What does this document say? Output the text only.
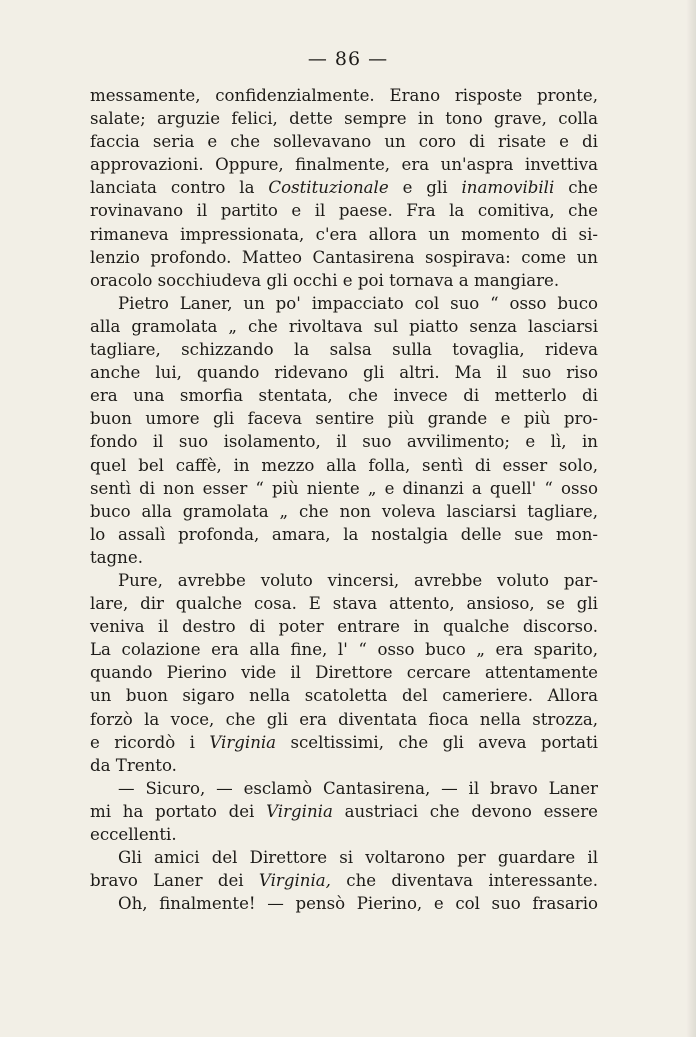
— 86 —
messamente, confidenzialmente. Erano risposte pronte,
salate; arguzie felici, dette sempre in tono grave, colla
faccia seria e che sollevavano un coro di risate e di
approvazioni. Oppure, finalmente, era un'aspra invettiva
lanciata contro la Costituzionale e gli inamovibili che
rovinavano il partito e il paese. Fra la comitiva, che
rimaneva impressionata, c'era allora un momento di si-
lenzio profondo. Matteo Cantasirena sospirava: come un
oracolo socchiudeva gli occhi e poi tornava a mangiare.
Pietro Laner, un po' impacciato col suo “ osso buco
alla gramolata „ che rivoltava sul piatto senza lasciarsi
tagliare, schizzando la salsa sulla tovaglia, rideva
anche lui, quando ridevano gli altri. Ma il suo riso
era una smorfia stentata, che invece di metterlo di
buon umore gli faceva sentire più grande e più pro-
fondo il suo isolamento, il suo avvilimento; e lì, in
quel bel caffè, in mezzo alla folla, sentì di esser solo,
sentì di non esser “ più niente „ e dinanzi a quell' “ osso
buco alla gramolata „ che non voleva lasciarsi tagliare,
lo assalì profonda, amara, la nostalgia delle sue mon-
tagne.
Pure, avrebbe voluto vincersi, avrebbe voluto par-
lare, dir qualche cosa. E stava attento, ansioso, se gli
veniva il destro di poter entrare in qualche discorso.
La colazione era alla fine, l' “ osso buco „ era sparito,
quando Pierino vide il Direttore cercare attentamente
un buon sigaro nella scatoletta del cameriere. Allora
forzò la voce, che gli era diventata fioca nella strozza,
e ricordò i Virginia sceltissimi, che gli aveva portati
da Trento.
— Sicuro, — esclamò Cantasirena, — il bravo Laner
mi ha portato dei Virginia austriaci che devono essere
eccellenti.
Gli amici del Direttore si voltarono per guardare il
bravo Laner dei Virginia, che diventava interessante.
Oh, finalmente! — pensò Pierino, e col suo frasario
